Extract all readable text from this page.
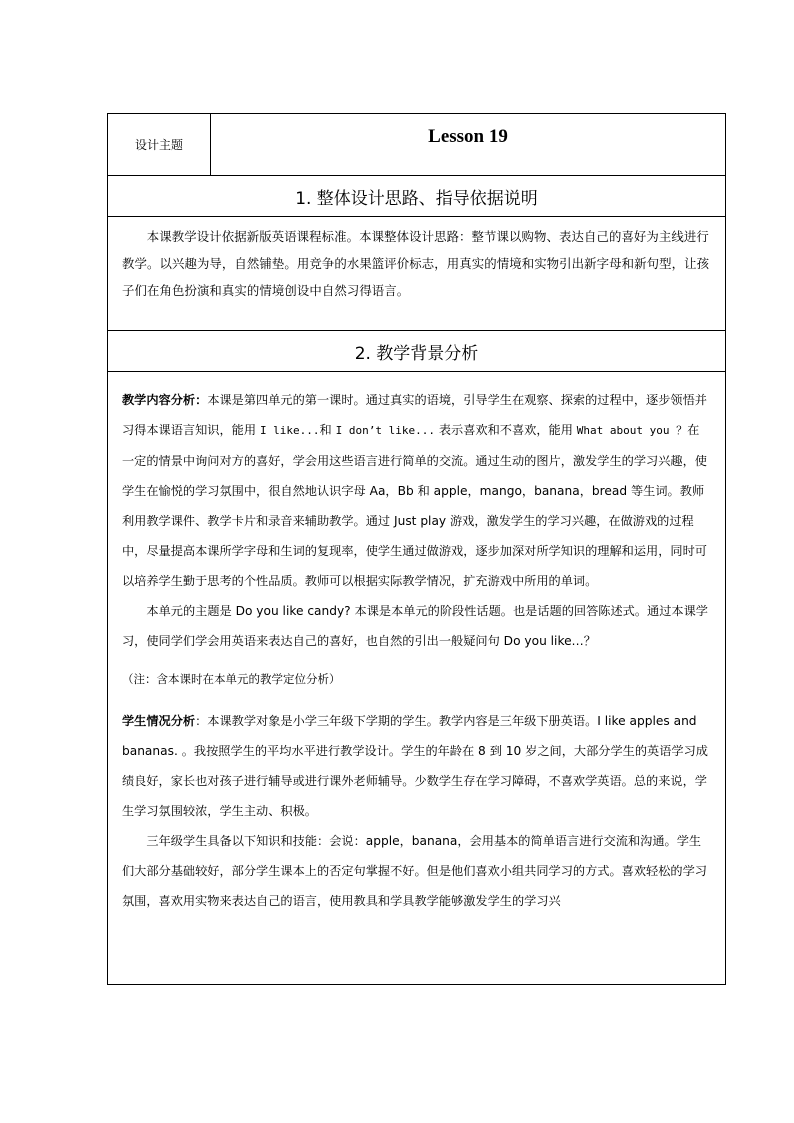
设计主题	Lesson 19
1. 整体设计思路、指导依据说明

本课教学设计依据新版英语课程标准。本课整体设计思路：整节课以购物、表达自己的喜好为主线进行教学。以兴趣为导，自然铺垫。用竞争的水果篮评价标志，用真实的情境和实物引出新字母和新句型，让孩子们在角色扮演和真实的情境创设中自然习得语言。

2. 教学背景分析

教学内容分析：本课是第四单元的第一课时。通过真实的语境，引导学生在观察、探索的过程中，逐步领悟并习得本课语言知识，能用 I like...和 I don’t like... 表示喜欢和不喜欢，能用 What about you ？在一定的情景中询问对方的喜好，学会用这些语言进行简单的交流。通过生动的图片，激发学生的学习兴趣，使学生在愉悦的学习氛围中，很自然地认识字母 Aa，Bb 和 apple，mango，banana，bread 等生词。教师利用教学课件、教学卡片和录音来辅助教学。通过 Just play 游戏，激发学生的学习兴趣，在做游戏的过程中，尽量提高本课所学字母和生词的复现率，使学生通过做游戏，逐步加深对所学知识的理解和运用，同时可以培养学生勤于思考的个性品质。教师可以根据实际教学情况，扩充游戏中所用的单词。

本单元的主题是 Do you like candy? 本课是本单元的阶段性话题。也是话题的回答陈述式。通过本课学习，使同学们学会用英语来表达自己的喜好，也自然的引出一般疑问句 Do you like…？

（注：含本课时在本单元的教学定位分析）

学生情况分析：本课教学对象是小学三年级下学期的学生。教学内容是三年级下册英语。I like apples and bananas. 。我按照学生的平均水平进行教学设计。学生的年龄在 8 到 10 岁之间，大部分学生的英语学习成绩良好，家长也对孩子进行辅导或进行课外老师辅导。少数学生存在学习障碍，不喜欢学英语。总的来说，学生学习氛围较浓，学生主动、积极。

三年级学生具备以下知识和技能：会说：apple，banana，会用基本的简单语言进行交流和沟通。学生们大部分基础较好，部分学生课本上的否定句掌握不好。但是他们喜欢小组共同学习的方式。喜欢轻松的学习氛围，喜欢用实物来表达自己的语言，使用教具和学具教学能够激发学生的学习兴
